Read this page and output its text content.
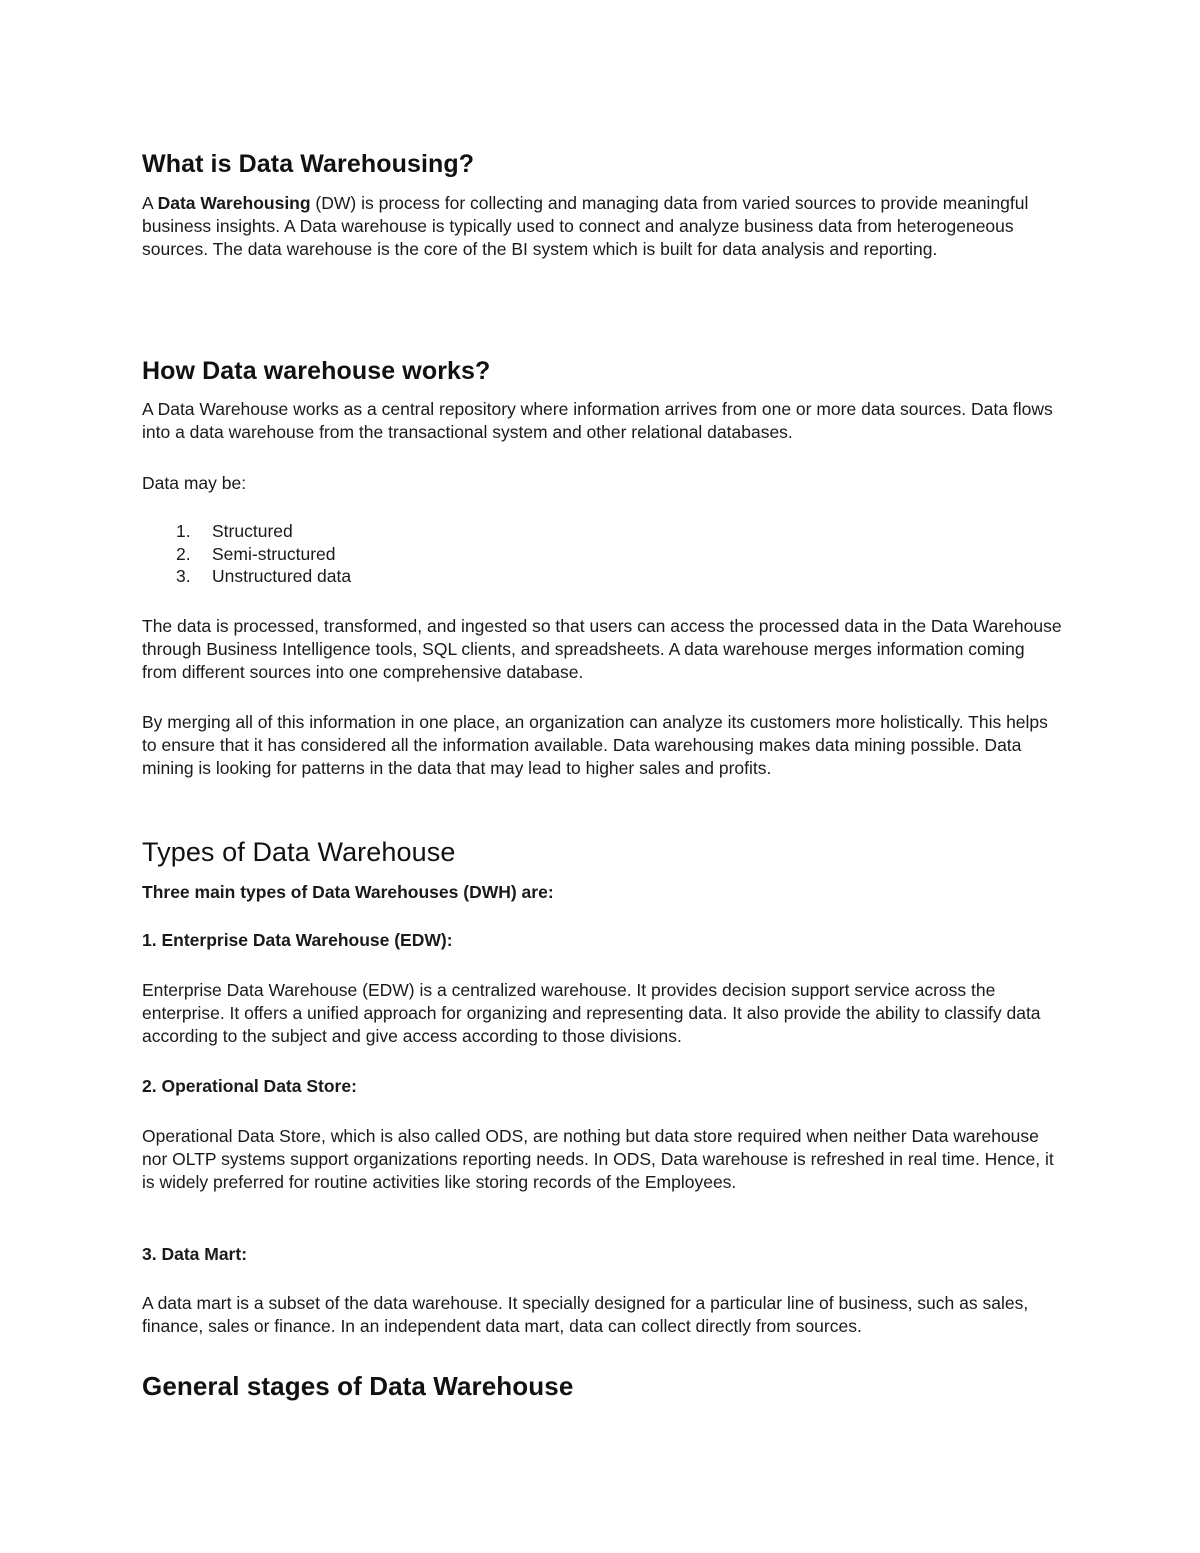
What is Data Warehousing?

A Data Warehousing (DW) is process for collecting and managing data from varied sources to provide meaningful business insights. A Data warehouse is typically used to connect and analyze business data from heterogeneous sources. The data warehouse is the core of the BI system which is built for data analysis and reporting.

How Data warehouse works?

A Data Warehouse works as a central repository where information arrives from one or more data sources. Data flows into a data warehouse from the transactional system and other relational databases.

Data may be:

1. Structured
2. Semi-structured
3. Unstructured data

The data is processed, transformed, and ingested so that users can access the processed data in the Data Warehouse through Business Intelligence tools, SQL clients, and spreadsheets. A data warehouse merges information coming from different sources into one comprehensive database.

By merging all of this information in one place, an organization can analyze its customers more holistically. This helps to ensure that it has considered all the information available. Data warehousing makes data mining possible. Data mining is looking for patterns in the data that may lead to higher sales and profits.

Types of Data Warehouse

Three main types of Data Warehouses (DWH) are:

1. Enterprise Data Warehouse (EDW):

Enterprise Data Warehouse (EDW) is a centralized warehouse. It provides decision support service across the enterprise. It offers a unified approach for organizing and representing data. It also provide the ability to classify data according to the subject and give access according to those divisions.

2. Operational Data Store:

Operational Data Store, which is also called ODS, are nothing but data store required when neither Data warehouse nor OLTP systems support organizations reporting needs. In ODS, Data warehouse is refreshed in real time. Hence, it is widely preferred for routine activities like storing records of the Employees.

3. Data Mart:

A data mart is a subset of the data warehouse. It specially designed for a particular line of business, such as sales, finance, sales or finance. In an independent data mart, data can collect directly from sources.

General stages of Data Warehouse
